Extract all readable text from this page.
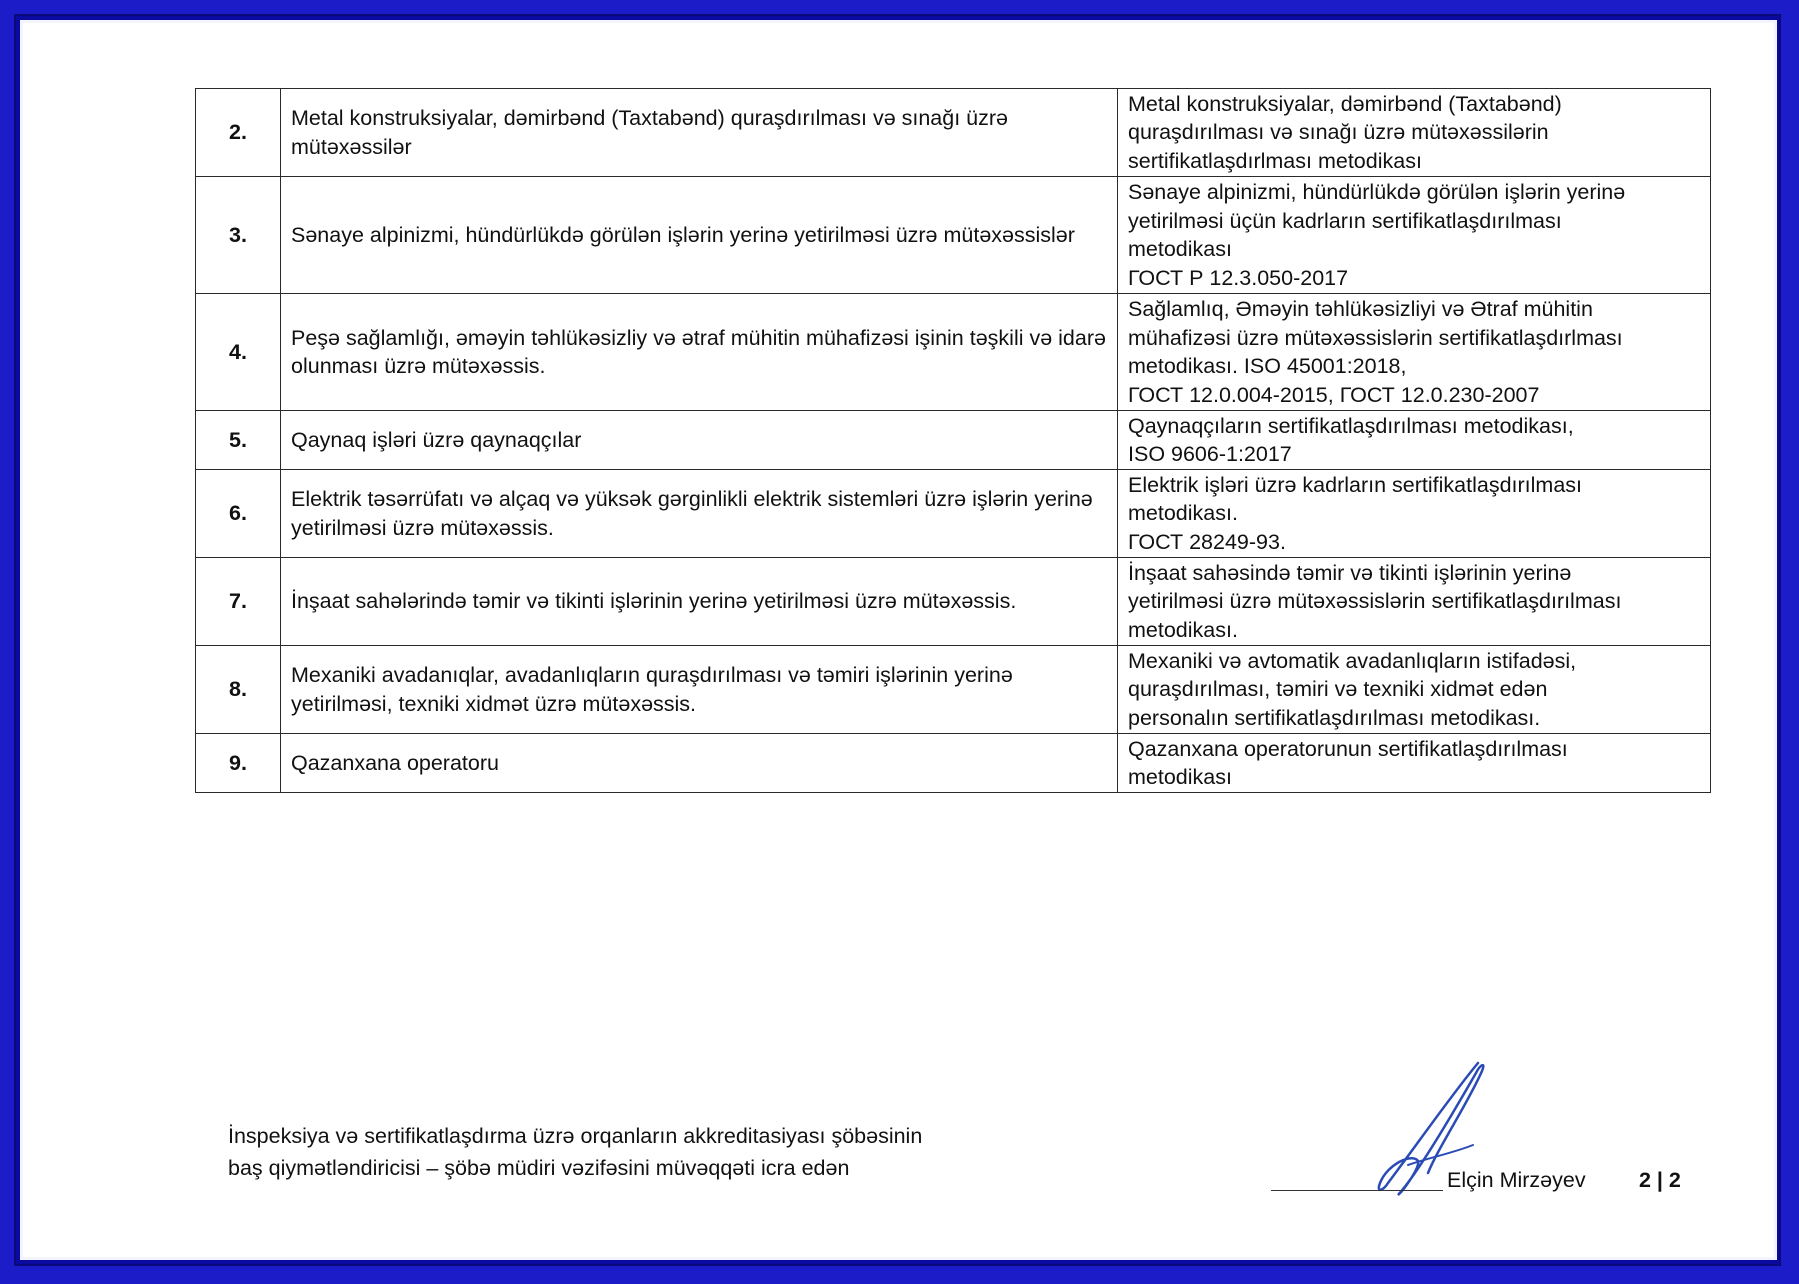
2.	Metal konstruksiyalar, dəmirbənd (Taxtabənd) quraşdırılması və sınağı üzrə mütəxəssilər	Metal konstruksiyalar, dəmirbənd (Taxtabənd)
quraşdırılması və sınağı üzrə mütəxəssilərin
sertifikatlaşdırlması metodikası

3.	Sənaye alpinizmi, hündürlükdə görülən işlərin yerinə yetirilməsi üzrə mütəxəssislər	Sənaye alpinizmi, hündürlükdə görülən işlərin yerinə
yetirilməsi üçün kadrların sertifikatlaşdırılması
metodikası
ГОСТ Р 12.3.050-2017

4.	Peşə sağlamlığı, əməyin təhlükəsizliy və ətraf mühitin mühafizəsi işinin təşkili və idarə olunması üzrə mütəxəssis.	Sağlamlıq, Əməyin təhlükəsizliyi və Ətraf mühitin
mühafizəsi üzrə mütəxəssislərin sertifikatlaşdırlması
metodikası. ISO 45001:2018,
ГОСТ 12.0.004-2015, ГОСТ 12.0.230-2007

5.	Qaynaq işləri üzrə qaynaqçılar	Qaynaqçıların sertifikatlaşdırılması metodikası,
ISO 9606-1:2017

6.	Elektrik təsərrüfatı və alçaq və yüksək gərginlikli elektrik sistemləri üzrə işlərin yerinə yetirilməsi üzrə mütəxəssis.	Elektrik işləri üzrə kadrların sertifikatlaşdırılması
metodikası.
ГОСТ 28249-93.

7.	İnşaat sahələrində təmir və tikinti işlərinin yerinə yetirilməsi üzrə mütəxəssis.	İnşaat sahəsində təmir və tikinti işlərinin yerinə
yetirilməsi üzrə mütəxəssislərin sertifikatlaşdırılması
metodikası.

8.	Mexaniki avadanıqlar, avadanlıqların quraşdırılması və təmiri işlərinin yerinə yetirilməsi, texniki xidmət üzrə mütəxəssis.	Mexaniki və avtomatik avadanlıqların istifadəsi,
quraşdırılması, təmiri və texniki xidmət edən
personalın sertifikatlaşdırılması metodikası.

9.	Qazanxana operatoru	Qazanxana operatorunun sertifikatlaşdırılması
metodikası
İnspeksiya və sertifikatlaşdırma üzrə orqanların akkreditasiyası şöbəsinin
baş qiymətləndiricisi – şöbə müdiri vəzifəsini müvəqqəti icra edən	Elçin Mirzəyev 2 | 2
